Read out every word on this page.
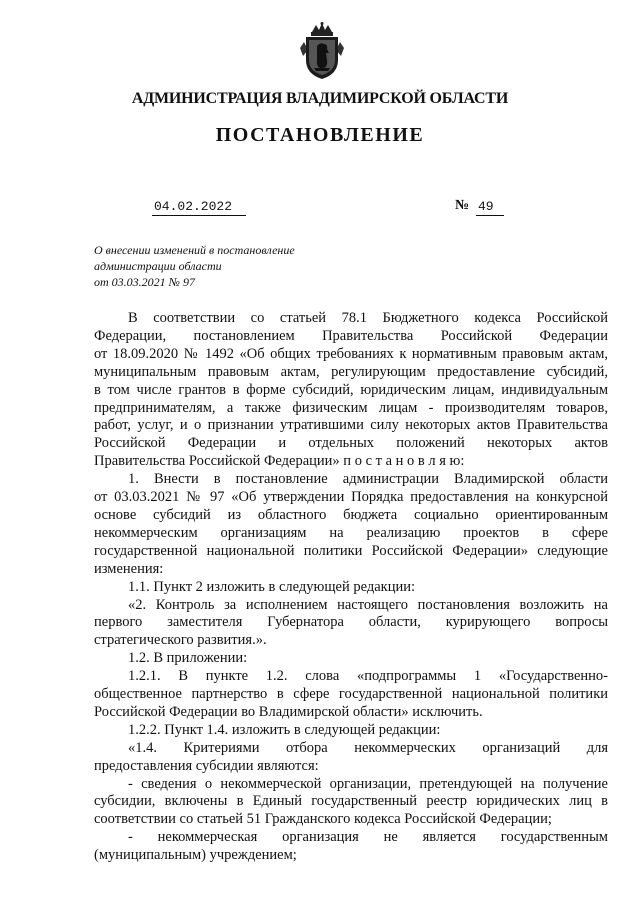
АДМИНИСТРАЦИЯ ВЛАДИМИРСКОЙ ОБЛАСТИ
ПОСТАНОВЛЕНИЕ
04.02.2022	№ 49
О внесении изменений в постановление
администрации области
от 03.03.2021 № 97

В соответствии со статьей 78.1 Бюджетного кодекса Российской
Федерации, постановлением Правительства Российской Федерации
от 18.09.2020 № 1492 «Об общих требованиях к нормативным правовым актам,
муниципальным правовым актам, регулирующим предоставление субсидий,
в том числе грантов в форме субсидий, юридическим лицам, индивидуальным
предпринимателям, а также физическим лицам - производителям товаров,
работ, услуг, и о признании утратившими силу некоторых актов Правительства
Российской Федерации и отдельных положений некоторых актов
Правительства Российской Федерации» п о с т а н о в л я ю:

1. Внести в постановление администрации Владимирской области
от 03.03.2021 № 97 «Об утверждении Порядка предоставления на конкурсной
основе субсидий из областного бюджета социально ориентированным
некоммерческим организациям на реализацию проектов в сфере
государственной национальной политики Российской Федерации» следующие
изменения:

1.1. Пункт 2 изложить в следующей редакции:

«2. Контроль за исполнением настоящего постановления возложить на
первого заместителя Губернатора области, курирующего вопросы
стратегического развития.».

1.2. В приложении:

1.2.1. В пункте 1.2. слова «подпрограммы 1 «Государственно-
общественное партнерство в сфере государственной национальной политики
Российской Федерации во Владимирской области» исключить.

1.2.2. Пункт 1.4. изложить в следующей редакции:

«1.4. Критериями отбора некоммерческих организаций для
предоставления субсидии являются:

- сведения о некоммерческой организации, претендующей на получение
субсидии, включены в Единый государственный реестр юридических лиц в
соответствии со статьей 51 Гражданского кодекса Российской Федерации;

- некоммерческая организация не является государственным
(муниципальным) учреждением;
